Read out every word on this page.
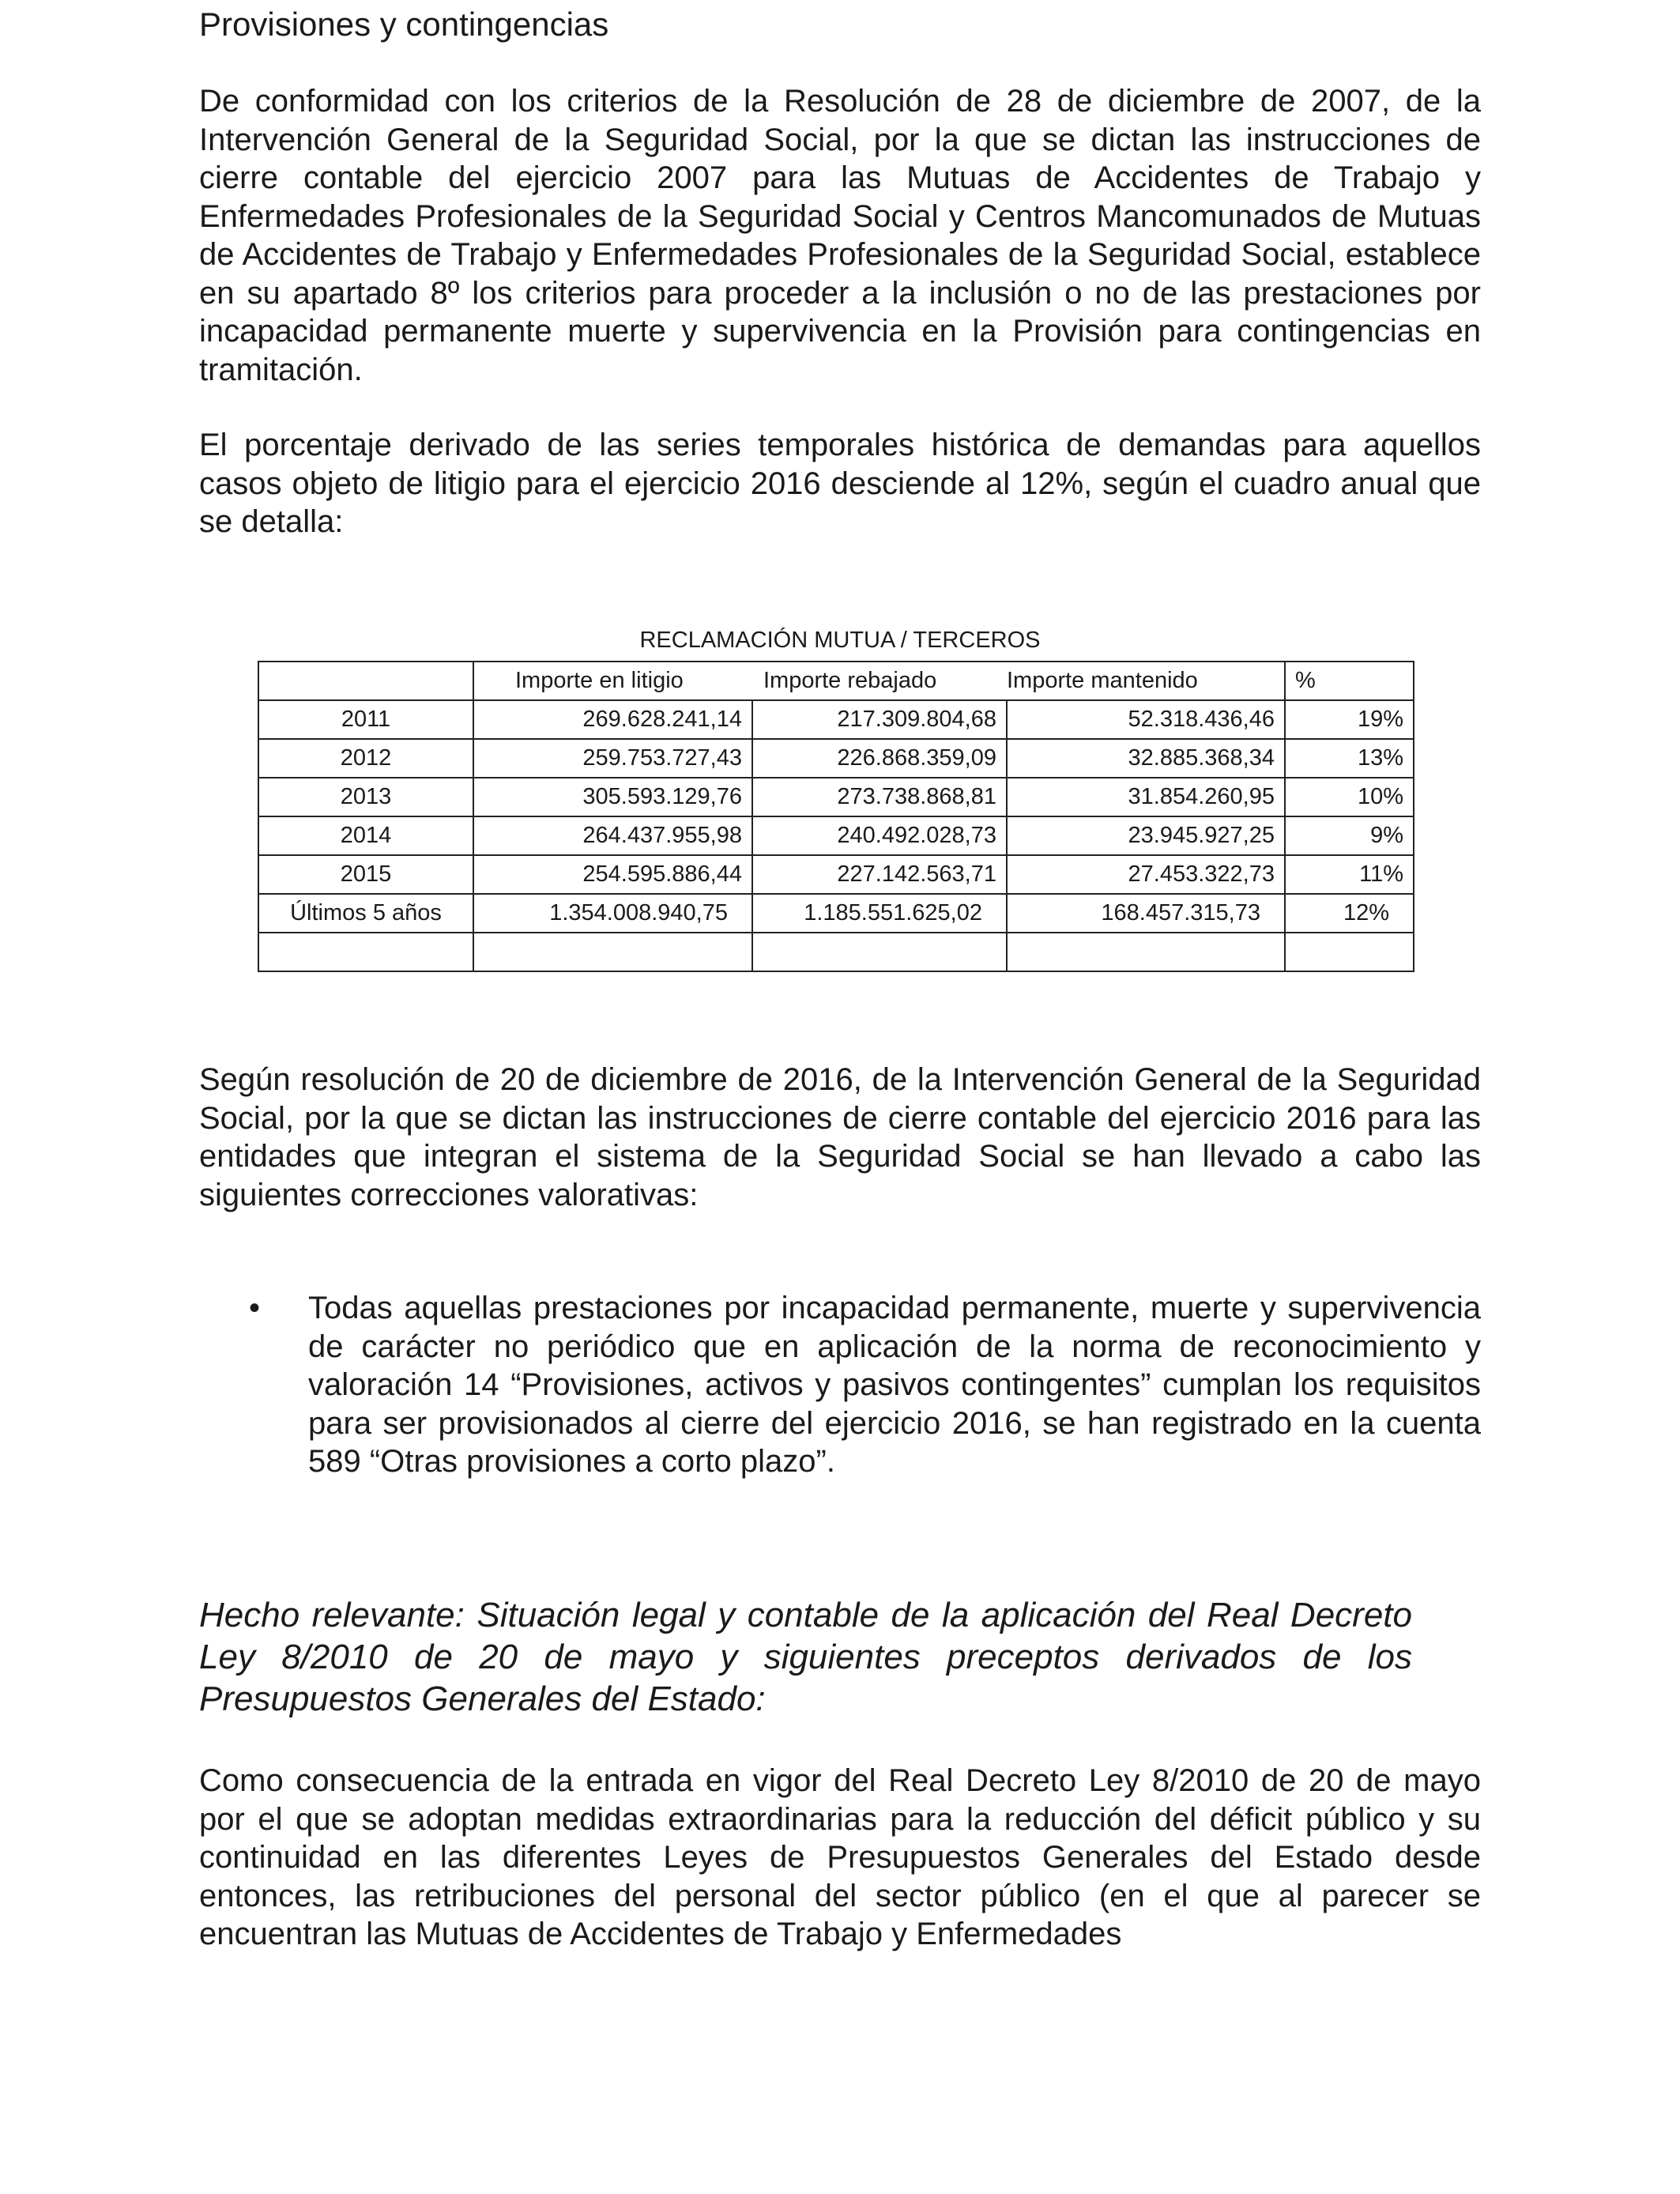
Provisiones y contingencias

De conformidad con los criterios de la Resolución de 28 de diciembre de 2007, de la Intervención General de la Seguridad Social, por la que se dictan las instrucciones de cierre contable del ejercicio 2007 para las Mutuas de Accidentes de Trabajo y Enfermedades Profesionales de la Seguridad Social y Centros Mancomunados de Mutuas de Accidentes de Trabajo y Enfermedades Profesionales de la Seguridad Social, establece en su apartado 8º los criterios para proceder a la inclusión o no de las prestaciones por incapacidad permanente muerte y supervivencia en la Provisión para contingencias en tramitación.

El porcentaje derivado de las series temporales histórica de demandas para aquellos casos objeto de litigio para el ejercicio 2016 desciende al 12%, según el cuadro anual que se detalla:

RECLAMACIÓN MUTUA / TERCEROS
	Importe en litigio	Importe rebajado	Importe mantenido	%
2011	269.628.241,14	217.309.804,68	52.318.436,46	19%
2012	259.753.727,43	226.868.359,09	32.885.368,34	13%
2013	305.593.129,76	273.738.868,81	31.854.260,95	10%
2014	264.437.955,98	240.492.028,73	23.945.927,25	9%
2015	254.595.886,44	227.142.563,71	27.453.322,73	11%
Últimos 5 años	1.354.008.940,75	1.185.551.625,02	168.457.315,73	12%

Según resolución de 20 de diciembre de 2016, de la Intervención General de la Seguridad Social, por la que se dictan las instrucciones de cierre contable del ejercicio 2016 para las entidades que integran el sistema de la Seguridad Social se han llevado a cabo las siguientes correcciones valorativas:

• Todas aquellas prestaciones por incapacidad permanente, muerte y supervivencia de carácter no periódico que en aplicación de la norma de reconocimiento y valoración 14 “Provisiones, activos y pasivos contingentes” cumplan los requisitos para ser provisionados al cierre del ejercicio 2016, se han registrado en la cuenta 589 “Otras provisiones a corto plazo”.
Hecho relevante: Situación legal y contable de la aplicación del Real Decreto Ley 8/2010 de 20 de mayo y siguientes preceptos derivados de los Presupuestos Generales del Estado:

Como consecuencia de la entrada en vigor del Real Decreto Ley 8/2010 de 20 de mayo por el que se adoptan medidas extraordinarias para la reducción del déficit público y su continuidad en las diferentes Leyes de Presupuestos Generales del Estado desde entonces, las retribuciones del personal del sector público (en el que al parecer se encuentran las Mutuas de Accidentes de Trabajo y Enfermedades
